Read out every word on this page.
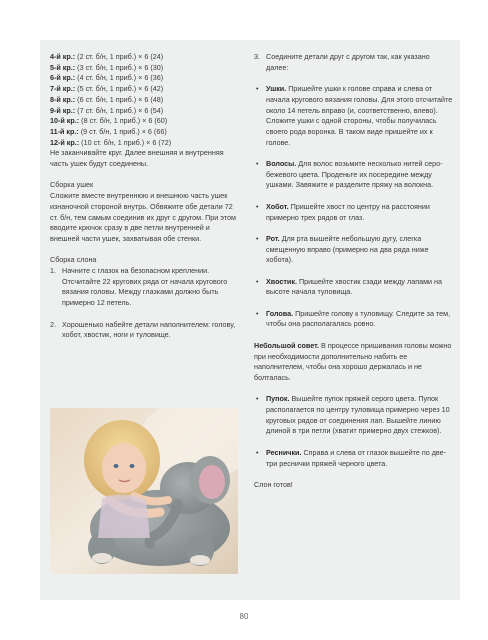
4-й кр.: (2 ст. б/н, 1 приб.) × 6 (24)
5-й кр.: (3 ст. б/н, 1 приб.) × 6 (30)
6-й кр.: (4 ст. б/н, 1 приб.) × 6 (36)
7-й кр.: (5 ст. б/н, 1 приб.) × 6 (42)
8-й кр.: (6 ст. б/н, 1 приб.) × 6 (48)
9-й кр.: (7 ст. б/н, 1 приб.) × 6 (54)
10-й кр.: (8 ст. б/н, 1 приб.) × 6 (60)
11-й кр.: (9 ст. б/н, 1 приб.) × 6 (66)
12-й кр.: (10 ст. б/н, 1 приб.) × 6 (72)
Не заканчивайте круг. Далее внешняя и внутренняя часть ушек будут соединены.
Сборка ушек
Сложите вместе внутреннюю и внешнюю часть ушек изнаночной стороной внутрь. Обвяжите обе детали 72 ст. б/н, тем самым соединив их друг с другом. При этом вводите крючок сразу в две петли внутренней и внешней части ушек, захватывая обе стенки.
Сборка слона
1. Начните с глазок на безопасном креплении. Отсчитайте 22 кругових ряда от начала кругового вязания головы. Между глазками должно быть примерно 12 петель.
2. Хорошенько набейте детали наполнителем: голову, хобот, хвостик, ноги и туловище.
3. Соедините детали друг с другом так, как указано далее:
• Ушки. Пришейте ушки к голове справа и слева от начала кругового вязания головы. Для этого отсчитайте около 14 петель вправо (и, соответственно, влево). Сложите ушки с одной стороны, чтобы получилась своего рода воронка. В таком виде пришейте их к голове.
• Волосы. Для волос возьмите несколько нитей серо-бежевого цвета. Проденьте их посередине между ушками. Завяжите и разделите пряжу на волокна.
• Хобот. Пришейте хвост по центру на расстоянии примерно трех рядов от глаз.
• Рот. Для рта вышейте небольшую дугу, слегка смещенную вправо (примерно на два ряда ниже хобота).
• Хвостик. Пришейте хвостик сзади между лапами на высоте начала туловища.
• Голова. Пришейте голову к туловищу. Следите за тем, чтобы она располагалась ровно.
Небольшой совет. В процессе пришивания головы можно при необходимости дополнительно набить ее наполнителем, чтобы она хорошо держалась и не болталась.
• Пупок. Вышейте пупок пряжей серого цвета. Пупок располагается по центру туловища примерно через 10 круговых рядов от соединения лап. Вышейте линию длиной в три петли (хватит примерно двух стежков).
• Реснички. Справа и слева от глазок вышейте по две-три реснички пряжей черного цвета.
Слон готов!
80
